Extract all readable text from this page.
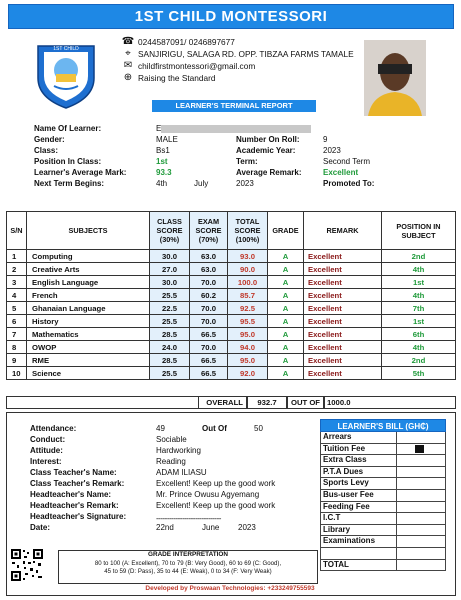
1ST CHILD MONTESSORI
1ST CHILD
☎ 0244587091/ 0246897677
⌖ SANJIRIGU, SALAGA RD. OPP. TIBZAA FARMS TAMALE
✉ childfirstmontessori@gmail.com
⊕ Raising the Standard
LEARNER'S TERMINAL REPORT
Name Of Learner:	E
Gender:	MALE	Number On Roll:	9
Class:	Bs1	Academic Year:	2023
Position In Class:	1st	Term:	Second Term
Learner's Average Mark:	93.3	Average Remark:	Excellent
Next Term Begins:	4th	July	2023	Promoted To:
S/N	SUBJECTS	CLASS SCORE (30%)	EXAM SCORE (70%)	TOTAL SCORE (100%)	GRADE	REMARK	POSITION IN SUBJECT
1	Computing	30.0	63.0	93.0	A	Excellent	2nd
2	Creative Arts	27.0	63.0	90.0	A	Excellent	4th
3	English Language	30.0	70.0	100.0	A	Excellent	1st
4	French	25.5	60.2	85.7	A	Excellent	4th
5	Ghanaian Language	22.5	70.0	92.5	A	Excellent	7th
6	History	25.5	70.0	95.5	A	Excellent	1st
7	Mathematics	28.5	66.5	95.0	A	Excellent	6th
8	OWOP	24.0	70.0	94.0	A	Excellent	4th
9	RME	28.5	66.5	95.0	A	Excellent	2nd
10	Science	25.5	66.5	92.0	A	Excellent	5th
OVERALL	932.7	OUT OF 1000.0
Attendance:	49	Out Of	50
Conduct:	Sociable
Attitude:	Hardworking
Interest:	Reading
Class Teacher's Name:	ADAM ILIASU
Class Teacher's Remark:	Excellent! Keep up the good work
Headteacher's Name:	Mr. Prince Owusu Agyemang
Headteacher's Remark:	Excellent! Keep up the good work
Headteacher's Signature:	------------------------------
Date:	22nd	June 2023
LEARNER'S BILL (GH₵)
Arrears
Tuition Fee
Extra Class
P.T.A Dues
Sports Levy
Bus-user Fee
Feeding Fee
I.C.T
Library
Examinations
TOTAL
GRADE INTERPRETATION
80 to 100 (A: Excellent), 70 to 79 (B: Very Good), 60 to 69 (C: Good),
45 to 59 (D: Pass), 35 to 44 (E: Weak), 0 to 34 (F: Very Weak)
Developed by Proswaan Technologies: +233249755593
